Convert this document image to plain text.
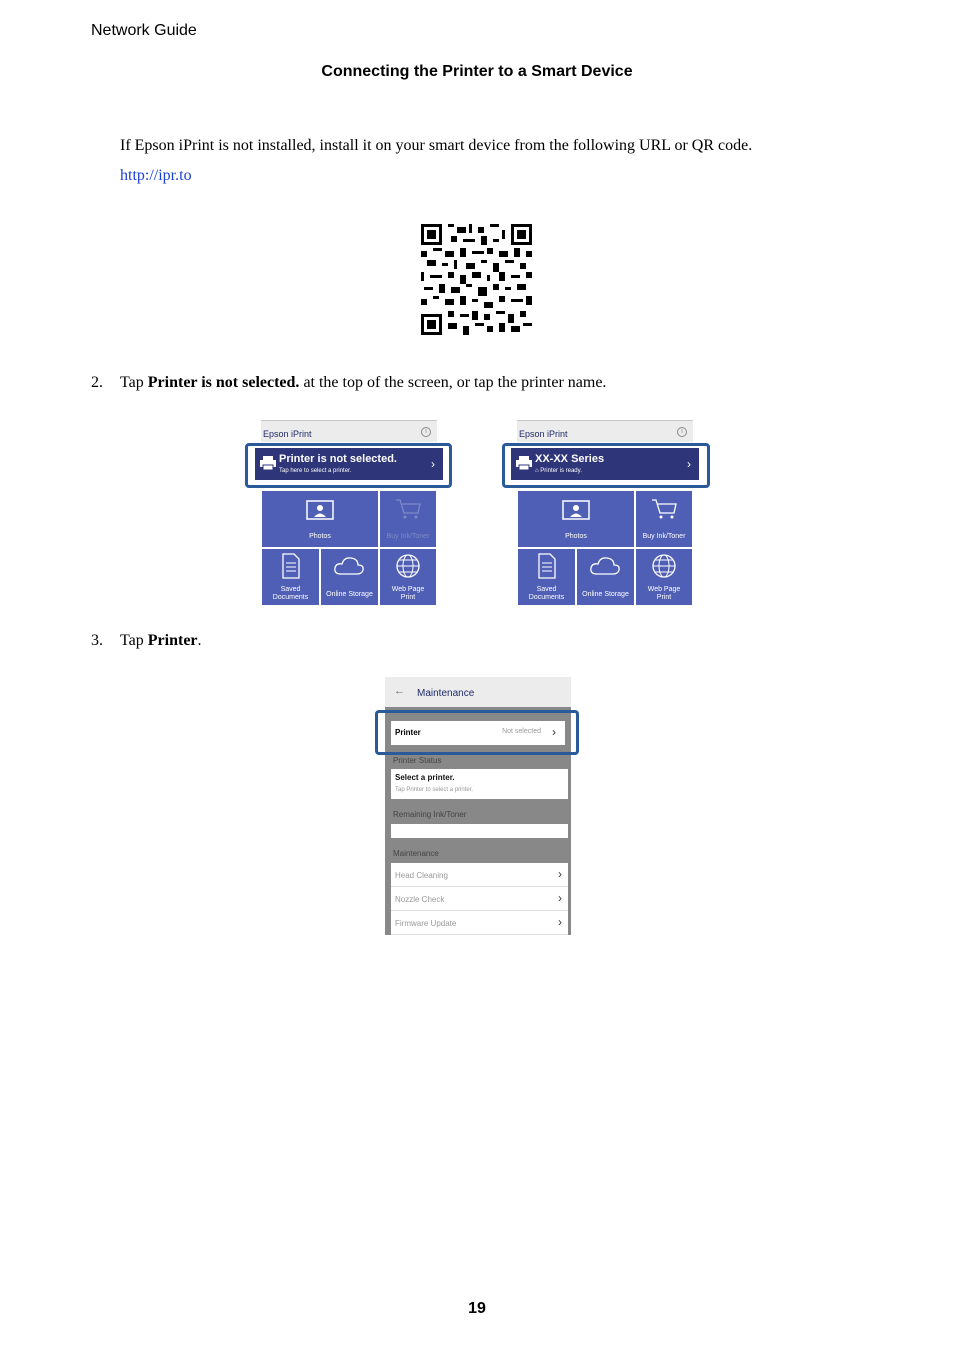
Network Guide
Connecting the Printer to a Smart Device
If Epson iPrint is not installed, install it on your smart device from the following URL or QR code.
http://ipr.to
2. Tap Printer is not selected. at the top of the screen, or tap the printer name.
Epson iPrint	i
Printer is not selected.
Tap here to select a printer.	›
Photos	Buy Ink/Toner
Saved
Documents	Online Storage
Web Page
Print
Epson iPrint	i
XX-XX Series
⌂ Printer is ready.	›
Photos	Buy Ink/Toner
Saved
Documents	Online Storage
Web Page
Print
3. Tap Printer.
← Maintenance
Printer	Not selected ›
Printer Status
Select a printer.
Tap Printer to select a printer.
Remaining Ink/Toner
Maintenance
Head Cleaning	›
Nozzle Check	›
Firmware Update	›
19
